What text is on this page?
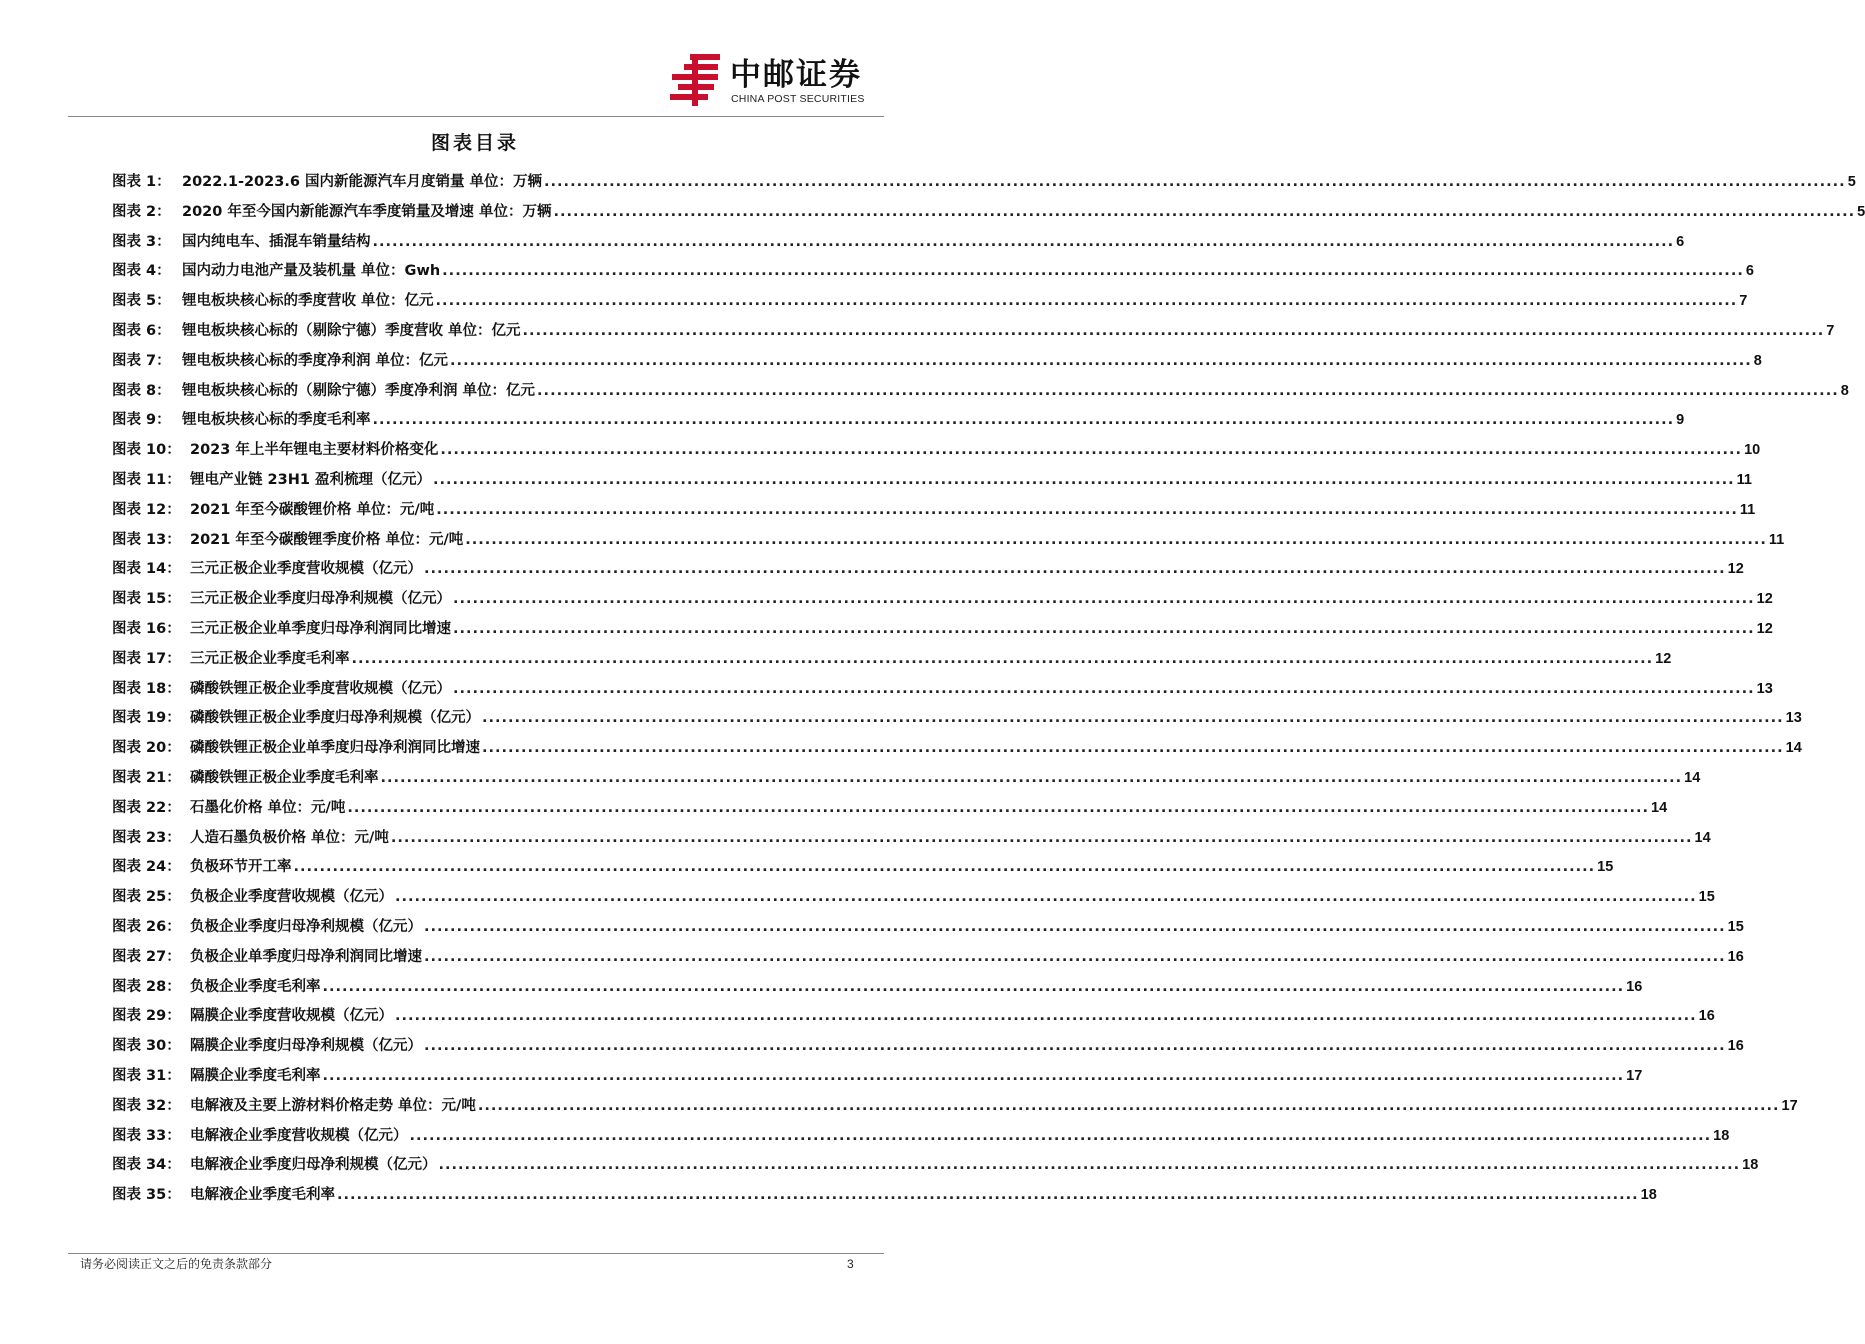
中邮证券
CHINA POST SECURITIES
图表目录
图表 1： 2022.1-2023.6 国内新能源汽车月度销量 单位：万辆 ........................................................................................................................................................................................................ 5
图表 2： 2020 年至今国内新能源汽车季度销量及增速 单位：万辆 ........................................................................................................................................................................................................ 5
图表 3： 国内纯电车、插混车销量结构 ........................................................................................................................................................................................................ 6
图表 4： 国内动力电池产量及装机量 单位：Gwh ........................................................................................................................................................................................................ 6
图表 5： 锂电板块核心标的季度营收 单位：亿元 ........................................................................................................................................................................................................ 7
图表 6： 锂电板块核心标的（剔除宁德）季度营收 单位：亿元 ........................................................................................................................................................................................................ 7
图表 7： 锂电板块核心标的季度净利润 单位：亿元 ........................................................................................................................................................................................................ 8
图表 8： 锂电板块核心标的（剔除宁德）季度净利润 单位：亿元 ........................................................................................................................................................................................................ 8
图表 9： 锂电板块核心标的季度毛利率 ........................................................................................................................................................................................................ 9
图表 10： 2023 年上半年锂电主要材料价格变化 ........................................................................................................................................................................................................ 10
图表 11： 锂电产业链 23H1 盈利梳理（亿元） ........................................................................................................................................................................................................ 11
图表 12： 2021 年至今碳酸锂价格 单位：元/吨 ........................................................................................................................................................................................................ 11
图表 13： 2021 年至今碳酸锂季度价格 单位：元/吨 ........................................................................................................................................................................................................ 11
图表 14： 三元正极企业季度营收规模（亿元） ........................................................................................................................................................................................................ 12
图表 15： 三元正极企业季度归母净利规模（亿元） ........................................................................................................................................................................................................ 12
图表 16： 三元正极企业单季度归母净利润同比增速 ........................................................................................................................................................................................................ 12
图表 17： 三元正极企业季度毛利率 ........................................................................................................................................................................................................ 12
图表 18： 磷酸铁锂正极企业季度营收规模（亿元） ........................................................................................................................................................................................................ 13
图表 19： 磷酸铁锂正极企业季度归母净利规模（亿元） ........................................................................................................................................................................................................ 13
图表 20： 磷酸铁锂正极企业单季度归母净利润同比增速 ........................................................................................................................................................................................................ 14
图表 21： 磷酸铁锂正极企业季度毛利率 ........................................................................................................................................................................................................ 14
图表 22： 石墨化价格 单位：元/吨 ........................................................................................................................................................................................................ 14
图表 23： 人造石墨负极价格 单位：元/吨 ........................................................................................................................................................................................................ 14
图表 24： 负极环节开工率 ........................................................................................................................................................................................................ 15
图表 25： 负极企业季度营收规模（亿元） ........................................................................................................................................................................................................ 15
图表 26： 负极企业季度归母净利规模（亿元） ........................................................................................................................................................................................................ 15
图表 27： 负极企业单季度归母净利润同比增速 ........................................................................................................................................................................................................ 16
图表 28： 负极企业季度毛利率 ........................................................................................................................................................................................................ 16
图表 29： 隔膜企业季度营收规模（亿元） ........................................................................................................................................................................................................ 16
图表 30： 隔膜企业季度归母净利规模（亿元） ........................................................................................................................................................................................................ 16
图表 31： 隔膜企业季度毛利率 ........................................................................................................................................................................................................ 17
图表 32： 电解液及主要上游材料价格走势 单位：元/吨 ........................................................................................................................................................................................................ 17
图表 33： 电解液企业季度营收规模（亿元） ........................................................................................................................................................................................................ 18
图表 34： 电解液企业季度归母净利规模（亿元） ........................................................................................................................................................................................................ 18
图表 35： 电解液企业季度毛利率 ........................................................................................................................................................................................................ 18
请务必阅读正文之后的免责条款部分	3
